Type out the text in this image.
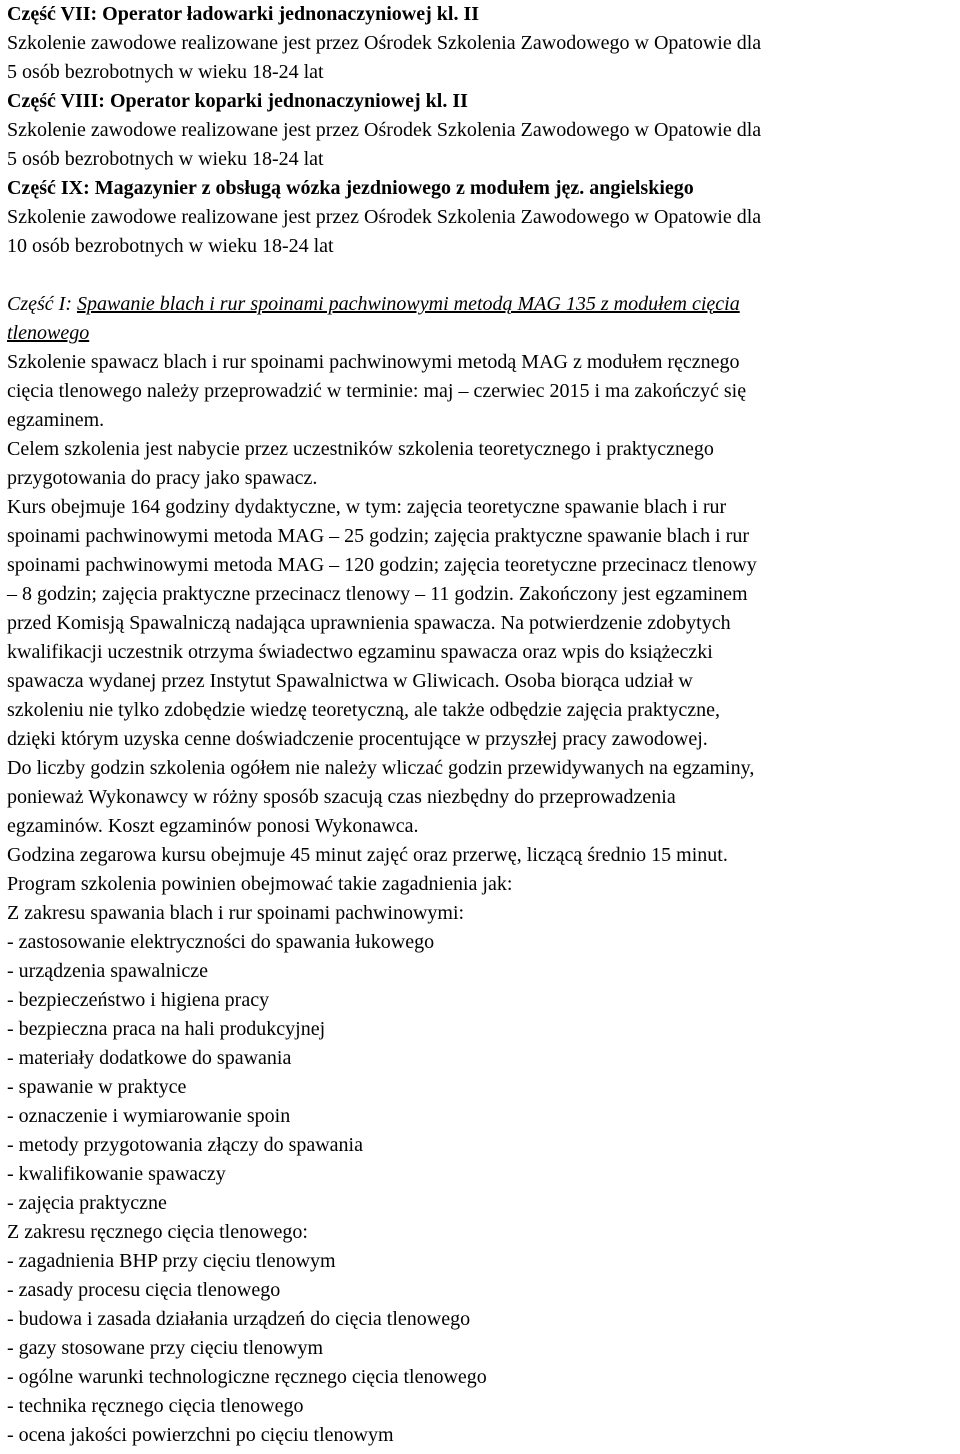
Część VII: Operator ładowarki jednonaczyniowej kl. II
Szkolenie zawodowe realizowane jest przez Ośrodek Szkolenia Zawodowego w Opatowie dla
5 osób bezrobotnych w wieku 18-24 lat
Część VIII: Operator koparki jednonaczyniowej kl. II
Szkolenie zawodowe realizowane jest przez Ośrodek Szkolenia Zawodowego w Opatowie dla
5 osób bezrobotnych w wieku 18-24 lat
Część IX: Magazynier z obsługą wózka jezdniowego z modułem jęz. angielskiego
Szkolenie zawodowe realizowane jest przez Ośrodek Szkolenia Zawodowego w Opatowie dla
10 osób bezrobotnych w wieku 18-24 lat
Część I: Spawanie blach i rur spoinami pachwinowymi metodą MAG 135 z modułem cięcia
tlenowego
Szkolenie spawacz blach i rur spoinami pachwinowymi metodą MAG z modułem ręcznego
cięcia tlenowego należy przeprowadzić w terminie: maj – czerwiec 2015 i ma zakończyć się
egzaminem.
Celem szkolenia jest nabycie przez uczestników szkolenia teoretycznego i praktycznego
przygotowania do pracy jako spawacz.
Kurs obejmuje 164 godziny dydaktyczne, w tym: zajęcia teoretyczne spawanie blach i rur
spoinami pachwinowymi metoda MAG – 25 godzin; zajęcia praktyczne spawanie blach i rur
spoinami pachwinowymi metoda MAG – 120 godzin; zajęcia teoretyczne przecinacz tlenowy
– 8 godzin; zajęcia praktyczne przecinacz tlenowy – 11 godzin. Zakończony jest egzaminem
przed Komisją Spawalniczą nadająca uprawnienia spawacza. Na potwierdzenie zdobytych
kwalifikacji uczestnik otrzyma świadectwo egzaminu spawacza oraz wpis do książeczki
spawacza wydanej przez Instytut Spawalnictwa w Gliwicach. Osoba biorąca udział w
szkoleniu nie tylko zdobędzie wiedzę teoretyczną, ale także odbędzie zajęcia praktyczne,
dzięki którym uzyska cenne doświadczenie procentujące w przyszłej pracy zawodowej.
Do liczby godzin szkolenia ogółem nie należy wliczać godzin przewidywanych na egzaminy,
ponieważ Wykonawcy w różny sposób szacują czas niezbędny do przeprowadzenia
egzaminów. Koszt egzaminów ponosi Wykonawca.
Godzina zegarowa kursu obejmuje 45 minut zajęć oraz przerwę, liczącą średnio 15 minut.
Program szkolenia powinien obejmować takie zagadnienia jak:
Z zakresu spawania blach i rur spoinami pachwinowymi:
- zastosowanie elektryczności do spawania łukowego
- urządzenia spawalnicze
- bezpieczeństwo i higiena pracy
- bezpieczna praca na hali produkcyjnej
- materiały dodatkowe do spawania
- spawanie w praktyce
- oznaczenie i wymiarowanie spoin
- metody przygotowania złączy do spawania
- kwalifikowanie spawaczy
- zajęcia praktyczne
Z zakresu ręcznego cięcia tlenowego:
- zagadnienia BHP przy cięciu tlenowym
- zasady procesu cięcia tlenowego
- budowa i zasada działania urządzeń do cięcia tlenowego
- gazy stosowane przy cięciu tlenowym
- ogólne warunki technologiczne ręcznego cięcia tlenowego
- technika ręcznego cięcia tlenowego
- ocena jakości powierzchni po cięciu tlenowym
